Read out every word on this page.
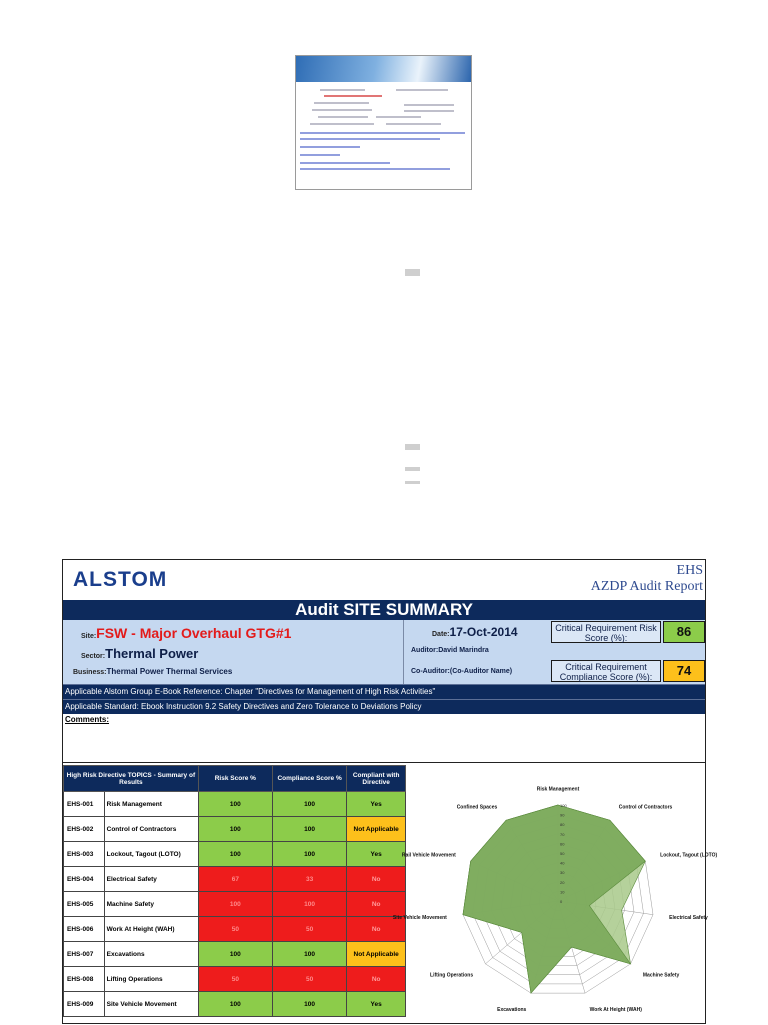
ALSTOM	EHS
AZDP Audit Report
Audit SITE SUMMARY
Site:FSW - Major Overhaul GTG#1
Sector:Thermal Power
Business:Thermal Power Thermal Services
Date:17-Oct-2014
Auditor:David Marindra
Co-Auditor:(Co-Auditor Name)
Critical Requirement Risk Score (%):	86
Critical Requirement Compliance Score (%):	74
Applicable Alstom Group E-Book Reference: Chapter "Directives for Management of High Risk Activities"
Applicable Standard: Ebook Instruction 9.2 Safety Directives and Zero Tolerance to Deviations Policy
Comments:
High Risk Directive TOPICS - Summary of Results		Risk Score %	Compliance Score %	Compliant with Directive
EHS-001	Risk Management	100	100	Yes
EHS-002	Control of Contractors	100	100	Not Applicable
EHS-003	Lockout, Tagout (LOTO)	100	100	Yes
EHS-004	Electrical Safety	67	33	No
EHS-005	Machine Safety	100	100	No
EHS-006	Work At Height (WAH)	50	50	No
EHS-007	Excavations	100	100	Not Applicable
EHS-008	Lifting Operations	50	50	No
EHS-009	Site Vehicle Movement	100	100	Yes
0
10
20
30
40
50
60
70
80
90
100
Risk Management
Control of Contractors
Lockout, Tagout (LOTO)
Electrical Safety
Machine Safety
Work At Height (WAH)
Excavations
Lifting Operations
Site Vehicle Movement
Rail Vehicle Movement
Confined Spaces
